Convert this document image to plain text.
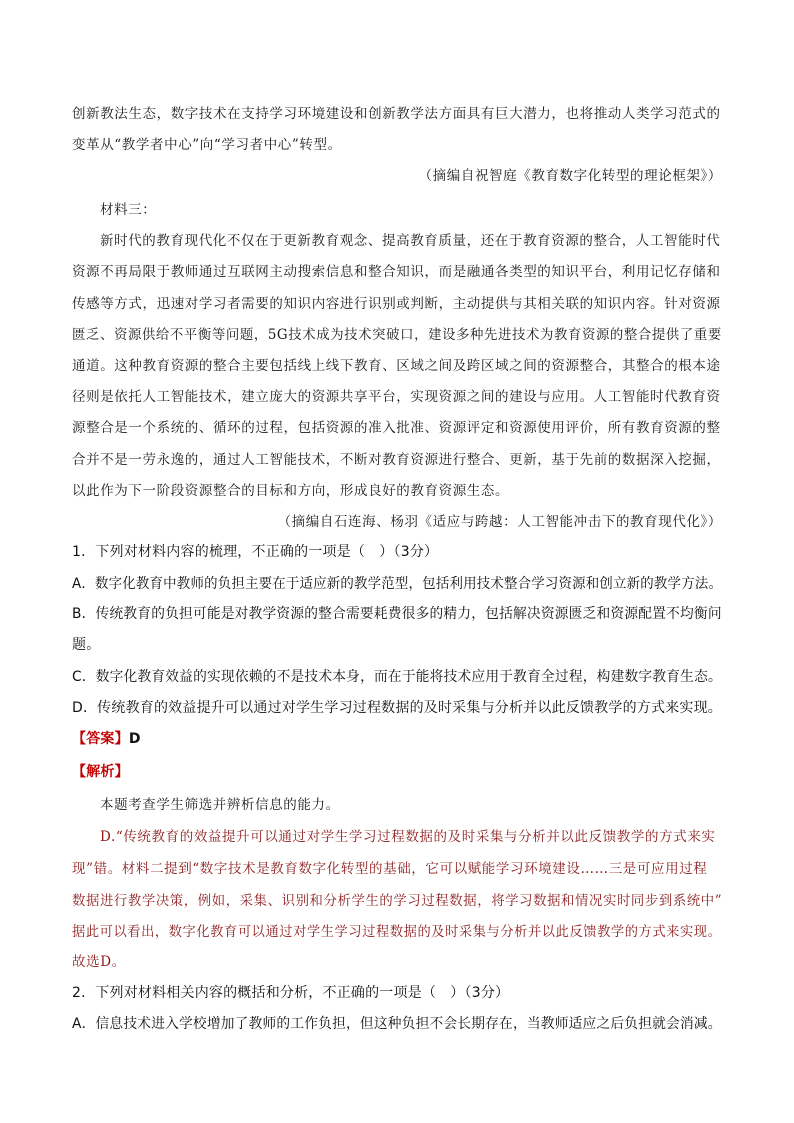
创新教法生态，数字技术在支持学习环境建设和创新教学法方面具有巨大潜力，也将推动人类学习范式的
变革从“教学者中心”向“学习者中心”转型。
（摘编自祝智庭《教育数字化转型的理论框架》）
材料三：
新时代的教育现代化不仅在于更新教育观念、提高教育质量，还在于教育资源的整合，人工智能时代
资源不再局限于教师通过互联网主动搜索信息和整合知识，而是融通各类型的知识平台，利用记忆存储和
传感等方式，迅速对学习者需要的知识内容进行识别或判断，主动提供与其相关联的知识内容。针对资源
匮乏、资源供给不平衡等问题，5G技术成为技术突破口，建设多种先进技术为教育资源的整合提供了重要
通道。这种教育资源的整合主要包括线上线下教育、区域之间及跨区域之间的资源整合，其整合的根本途
径则是依托人工智能技术，建立庞大的资源共享平台，实现资源之间的建设与应用。人工智能时代教育资
源整合是一个系统的、循环的过程，包括资源的准入批准、资源评定和资源使用评价，所有教育资源的整
合并不是一劳永逸的，通过人工智能技术，不断对教育资源进行整合、更新，基于先前的数据深入挖掘，
以此作为下一阶段资源整合的目标和方向，形成良好的教育资源生态。
（摘编自石连海、杨羽《适应与跨越：人工智能冲击下的教育现代化》）
1．下列对材料内容的梳理，不正确的一项是（　）（3分）
A．数字化教育中教师的负担主要在于适应新的教学范型，包括利用技术整合学习资源和创立新的教学方法。
B．传统教育的负担可能是对教学资源的整合需要耗费很多的精力，包括解决资源匮乏和资源配置不均衡问
题。
C．数字化教育效益的实现依赖的不是技术本身，而在于能将技术应用于教育全过程，构建数字教育生态。
D．传统教育的效益提升可以通过对学生学习过程数据的及时采集与分析并以此反馈教学的方式来实现。
【答案】D
【解析】
本题考查学生筛选并辨析信息的能力。
D.“传统教育的效益提升可以通过对学生学习过程数据的及时采集与分析并以此反馈教学的方式来实
现”错。材料二提到“数字技术是教育数字化转型的基础，它可以赋能学习环境建设……三是可应用过程
数据进行教学决策，例如，采集、识别和分析学生的学习过程数据，将学习数据和情况实时同步到系统中”
据此可以看出，数字化教育可以通过对学生学习过程数据的及时采集与分析并以此反馈教学的方式来实现。
故选D。
2．下列对材料相关内容的概括和分析，不正确的一项是（　）（3分）
A．信息技术进入学校增加了教师的工作负担，但这种负担不会长期存在，当教师适应之后负担就会消减。
